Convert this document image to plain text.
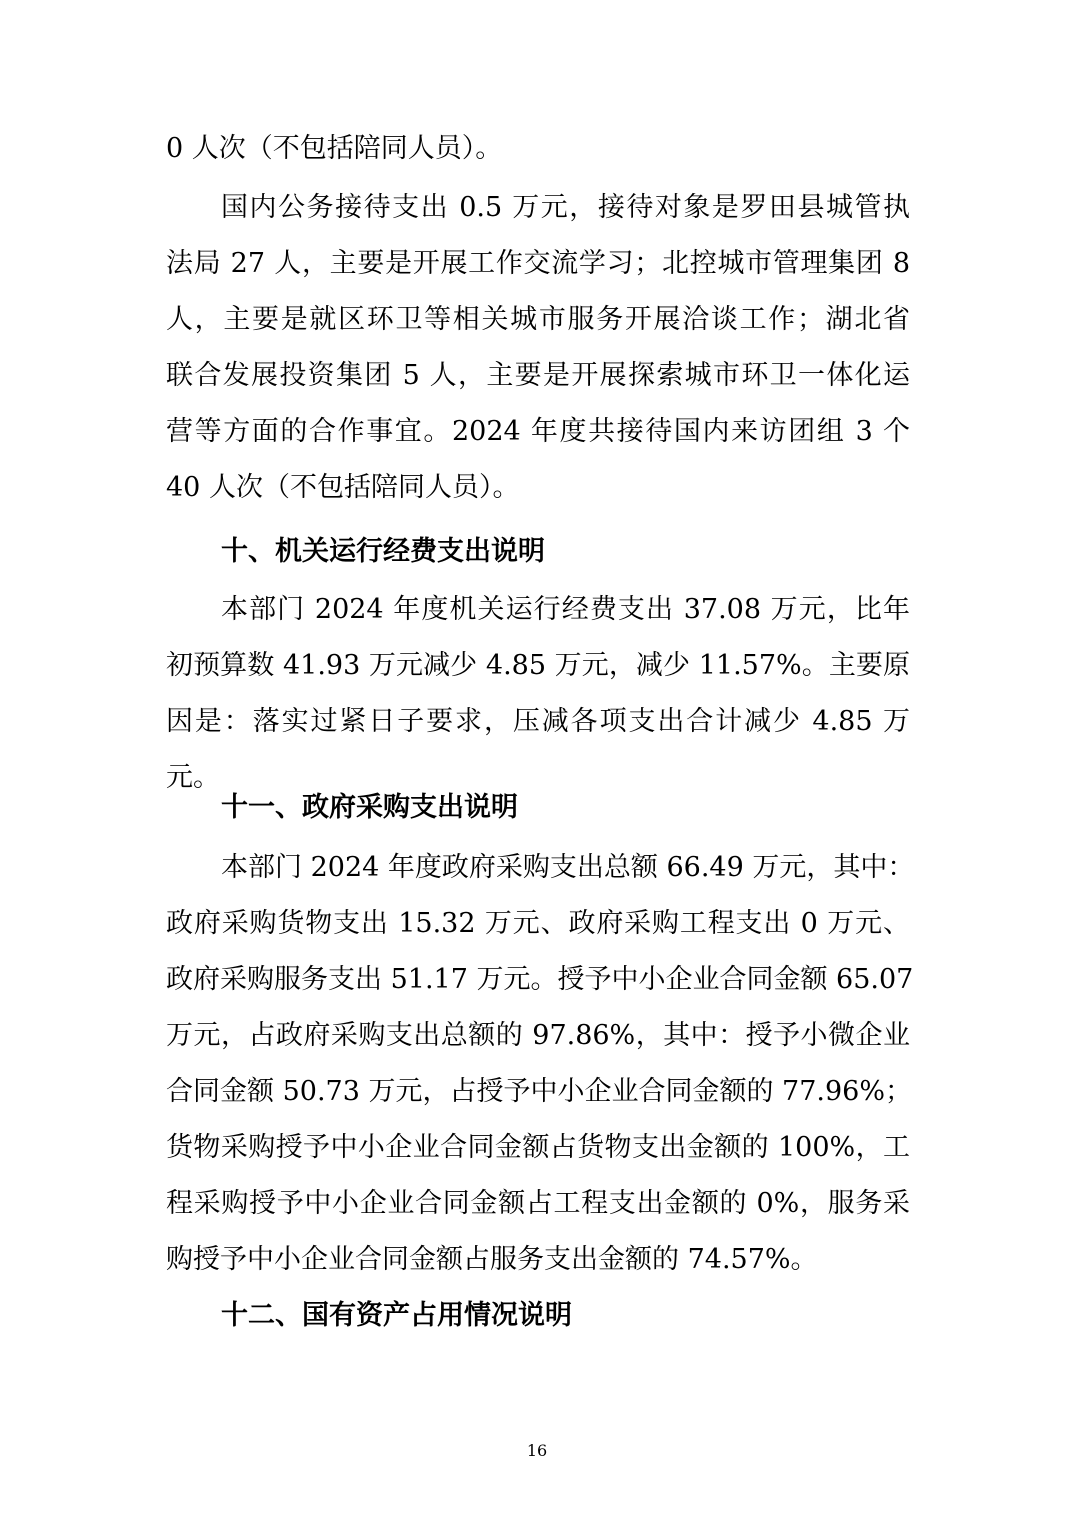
0 人次（不包括陪同人员）。
国内公务接待支出 0.5 万元，接待对象是罗田县城管执
法局 27 人，主要是开展工作交流学习；北控城市管理集团 8
人，主要是就区环卫等相关城市服务开展洽谈工作；湖北省
联合发展投资集团 5 人，主要是开展探索城市环卫一体化运
营等方面的合作事宜。2024 年度共接待国内来访团组 3 个
40 人次（不包括陪同人员）。
十、机关运行经费支出说明
本部门 2024 年度机关运行经费支出 37.08 万元，比年
初预算数 41.93 万元减少 4.85 万元，减少 11.57%。主要原
因是：落实过紧日子要求，压减各项支出合计减少 4.85 万
元。
十一、政府采购支出说明
本部门 2024 年度政府采购支出总额 66.49 万元，其中：
政府采购货物支出 15.32 万元、政府采购工程支出 0 万元、
政府采购服务支出 51.17 万元。授予中小企业合同金额 65.07
万元，占政府采购支出总额的 97.86%，其中：授予小微企业
合同金额 50.73 万元，占授予中小企业合同金额的 77.96%；
货物采购授予中小企业合同金额占货物支出金额的 100%，工
程采购授予中小企业合同金额占工程支出金额的 0%，服务采
购授予中小企业合同金额占服务支出金额的 74.57%。
十二、国有资产占用情况说明
16
